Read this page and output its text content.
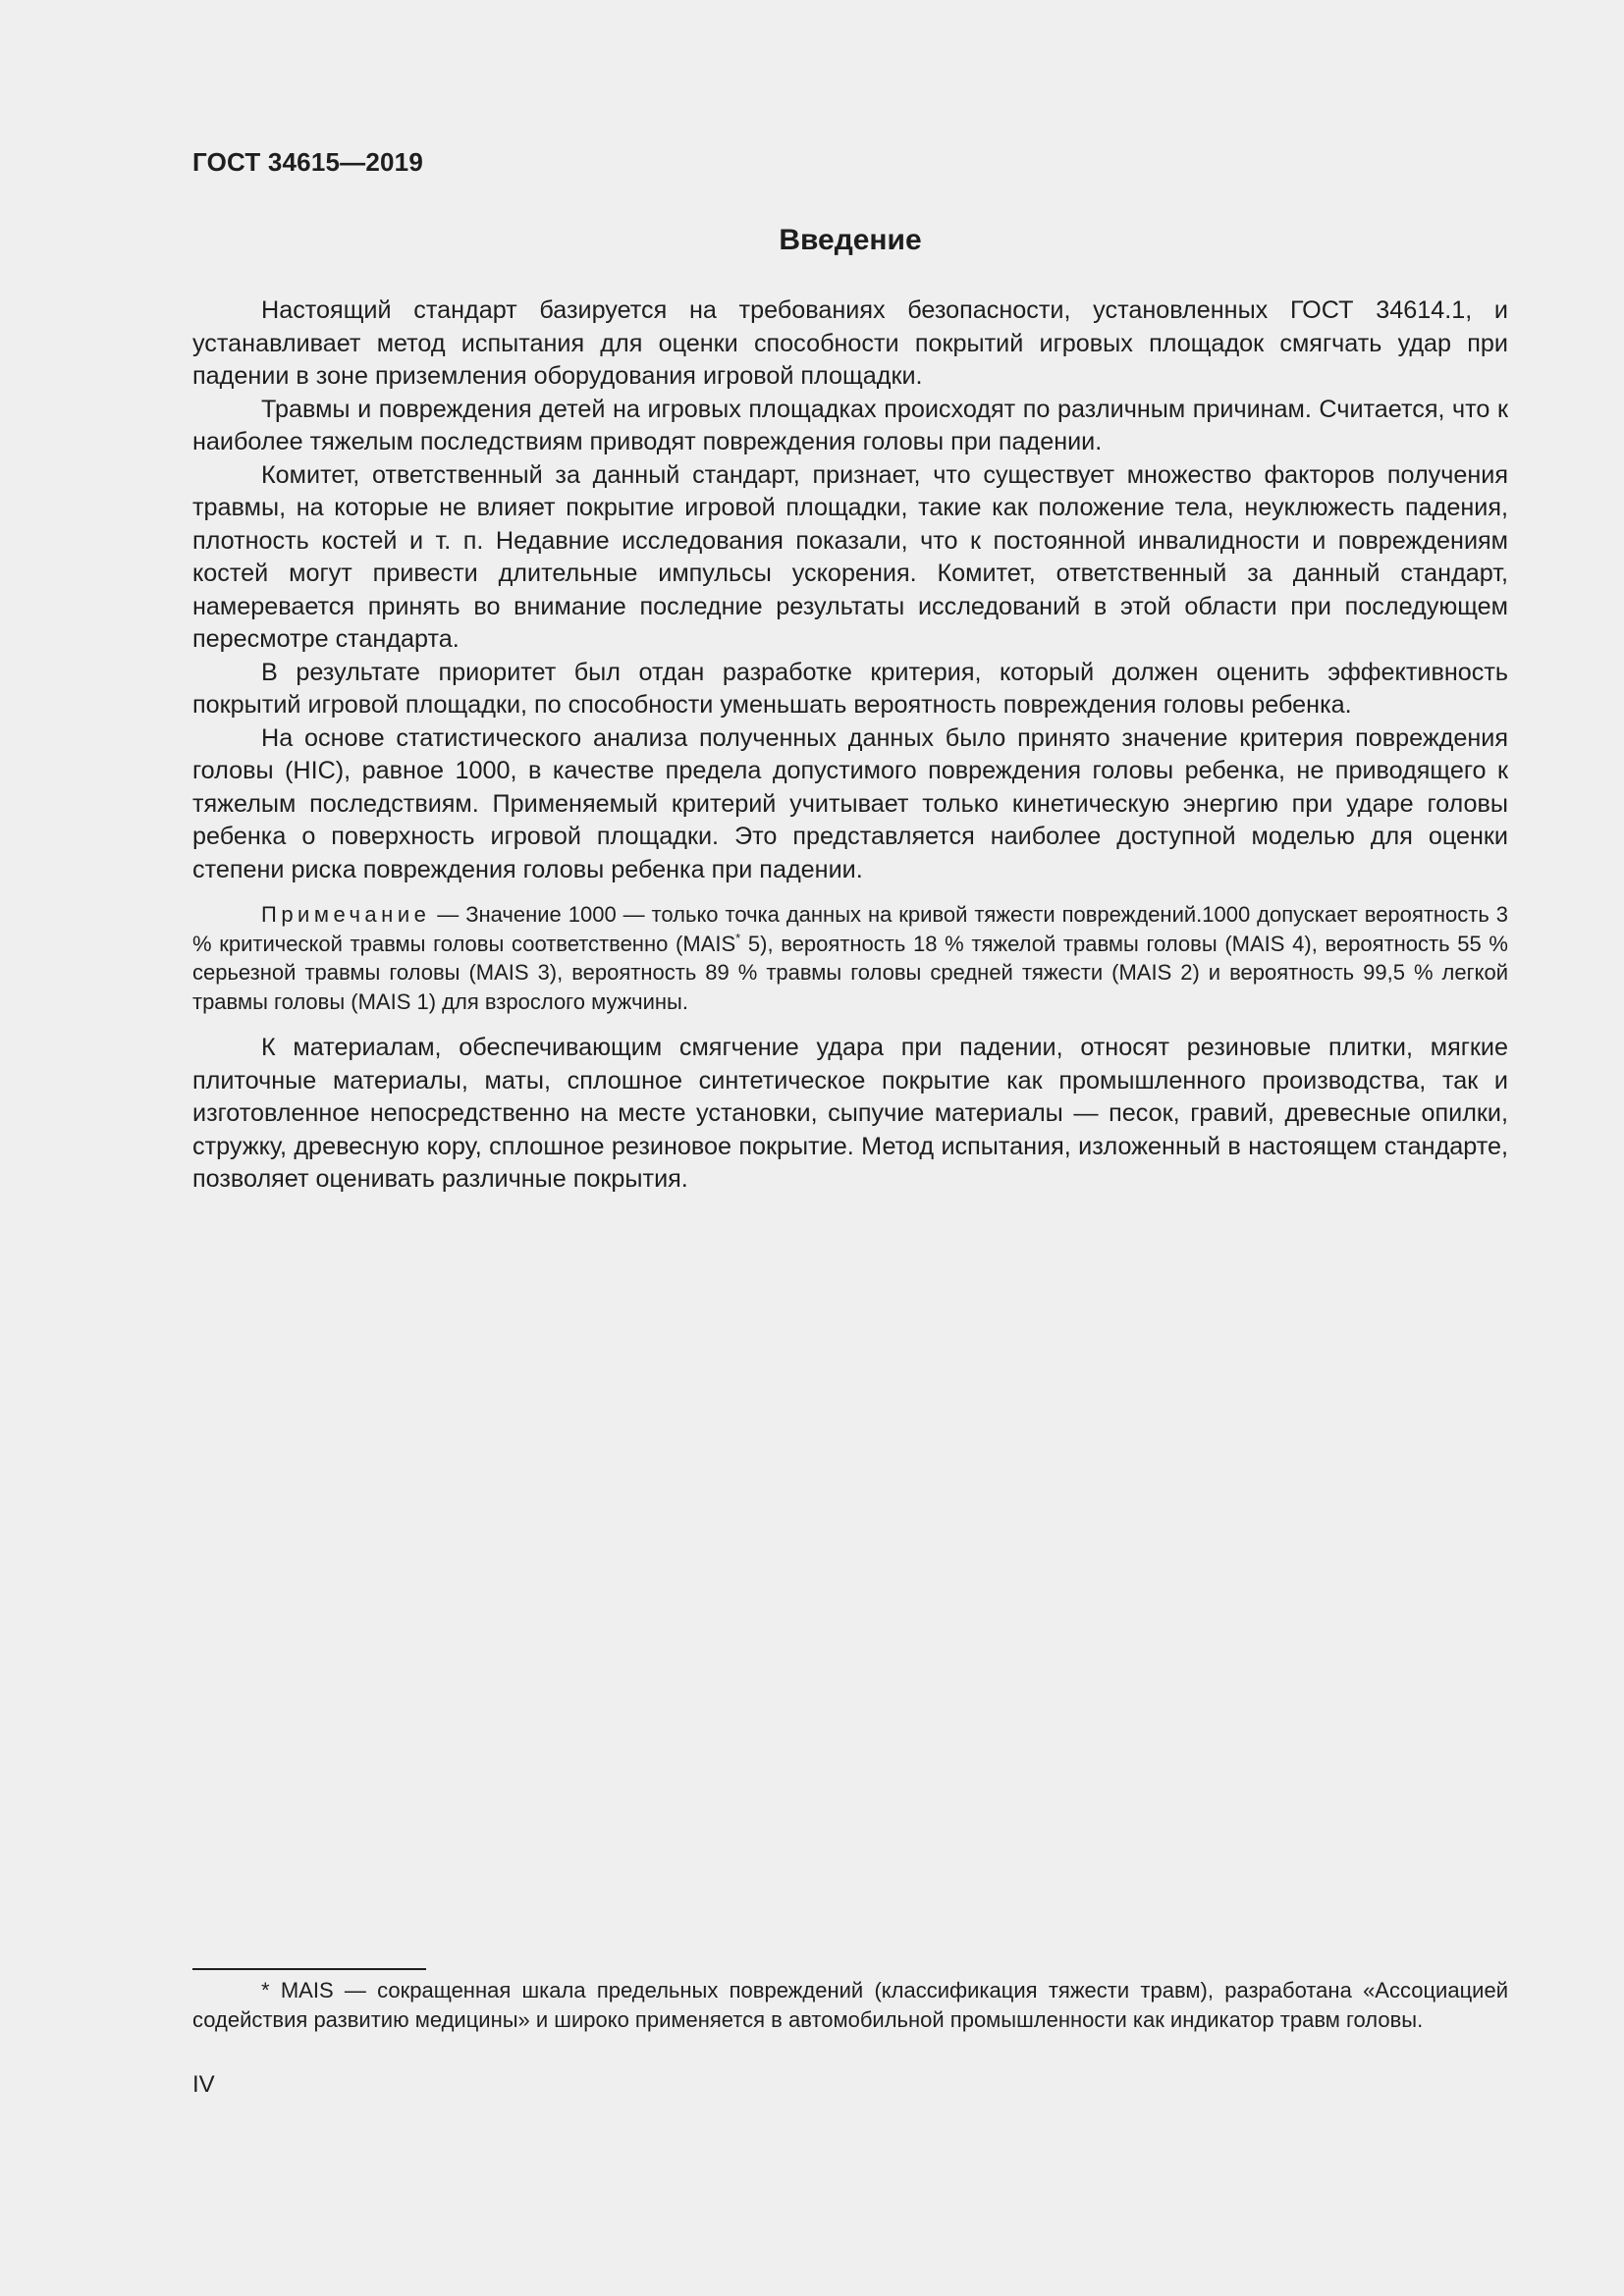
ГОСТ 34615—2019
Введение

Настоящий стандарт базируется на требованиях безопасности, установленных ГОСТ 34614.1, и устанавливает метод испытания для оценки способности покрытий игровых площадок смягчать удар при падении в зоне приземления оборудования игровой площадки.

Травмы и повреждения детей на игровых площадках происходят по различным причинам. Считается, что к наиболее тяжелым последствиям приводят повреждения головы при падении.

Комитет, ответственный за данный стандарт, признает, что существует множество факторов получения травмы, на которые не влияет покрытие игровой площадки, такие как положение тела, неуклюжесть падения, плотность костей и т. п. Недавние исследования показали, что к постоянной инвалидности и повреждениям костей могут привести длительные импульсы ускорения. Комитет, ответственный за данный стандарт, намеревается принять во внимание последние результаты исследований в этой области при последующем пересмотре стандарта.

В результате приоритет был отдан разработке критерия, который должен оценить эффективность покрытий игровой площадки, по способности уменьшать вероятность повреждения головы ребенка.

На основе статистического анализа полученных данных было принято значение критерия повреждения головы (HIC), равное 1000, в качестве предела допустимого повреждения головы ребенка, не приводящего к тяжелым последствиям. Применяемый критерий учитывает только кинетическую энергию при ударе головы ребенка о поверхность игровой площадки. Это представляется наиболее доступной моделью для оценки степени риска повреждения головы ребенка при падении.

Примечание — Значение 1000 — только точка данных на кривой тяжести повреждений.1000 допускает вероятность 3 % критической травмы головы соответственно (MAIS* 5), вероятность 18 % тяжелой травмы головы (MAIS 4), вероятность 55 % серьезной травмы головы (MAIS 3), вероятность 89 % травмы головы средней тяжести (MAIS 2) и вероятность 99,5 % легкой травмы головы (MAIS 1) для взрослого мужчины.

К материалам, обеспечивающим смягчение удара при падении, относят резиновые плитки, мягкие плиточные материалы, маты, сплошное синтетическое покрытие как промышленного производства, так и изготовленное непосредственно на месте установки, сыпучие материалы — песок, гравий, древесные опилки, стружку, древесную кору, сплошное резиновое покрытие. Метод испытания, изложенный в настоящем стандарте, позволяет оценивать различные покрытия.

* MAIS — сокращенная шкала предельных повреждений (классификация тяжести травм), разработана «Ассоциацией содействия развитию медицины» и широко применяется в автомобильной промышленности как индикатор травм головы.

IV
